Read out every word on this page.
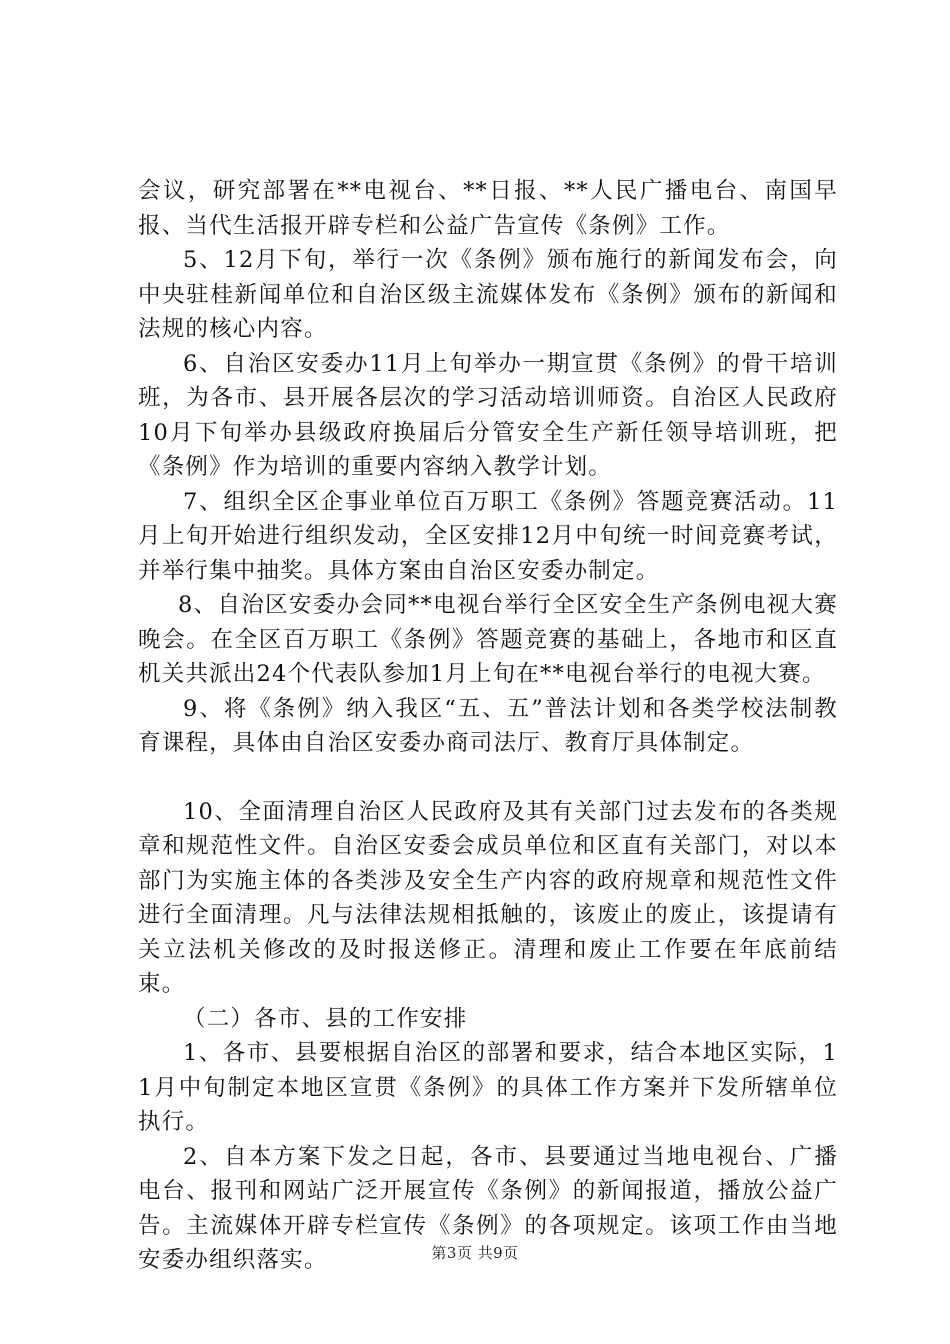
会议，研究部署在**电视台、**日报、**人民广播电台、南国早报、当代生活报开辟专栏和公益广告宣传《条例》工作。

5、12月下旬，举行一次《条例》颁布施行的新闻发布会，向中央驻桂新闻单位和自治区级主流媒体发布《条例》颁布的新闻和法规的核心内容。

6、自治区安委办11月上旬举办一期宣贯《条例》的骨干培训班，为各市、县开展各层次的学习活动培训师资。自治区人民政府10月下旬举办县级政府换届后分管安全生产新任领导培训班，把《条例》作为培训的重要内容纳入教学计划。

7、组织全区企事业单位百万职工《条例》答题竞赛活动。11月上旬开始进行组织发动，全区安排12月中旬统一时间竞赛考试，并举行集中抽奖。具体方案由自治区安委办制定。

8、自治区安委办会同**电视台举行全区安全生产条例电视大赛晚会。在全区百万职工《条例》答题竞赛的基础上，各地市和区直机关共派出24个代表队参加1月上旬在**电视台举行的电视大赛。

9、将《条例》纳入我区“五、五”普法计划和各类学校法制教育课程，具体由自治区安委办商司法厅、教育厅具体制定。

10、全面清理自治区人民政府及其有关部门过去发布的各类规章和规范性文件。自治区安委会成员单位和区直有关部门，对以本部门为实施主体的各类涉及安全生产内容的政府规章和规范性文件进行全面清理。凡与法律法规相抵触的，该废止的废止，该提请有关立法机关修改的及时报送修正。清理和废止工作要在年底前结束。

（二）各市、县的工作安排

1、各市、县要根据自治区的部署和要求，结合本地区实际，11月中旬制定本地区宣贯《条例》的具体工作方案并下发所辖单位执行。

2、自本方案下发之日起，各市、县要通过当地电视台、广播电台、报刊和网站广泛开展宣传《条例》的新闻报道，播放公益广告。主流媒体开辟专栏宣传《条例》的各项规定。该项工作由当地安委办组织落实。	第3页 共9页
